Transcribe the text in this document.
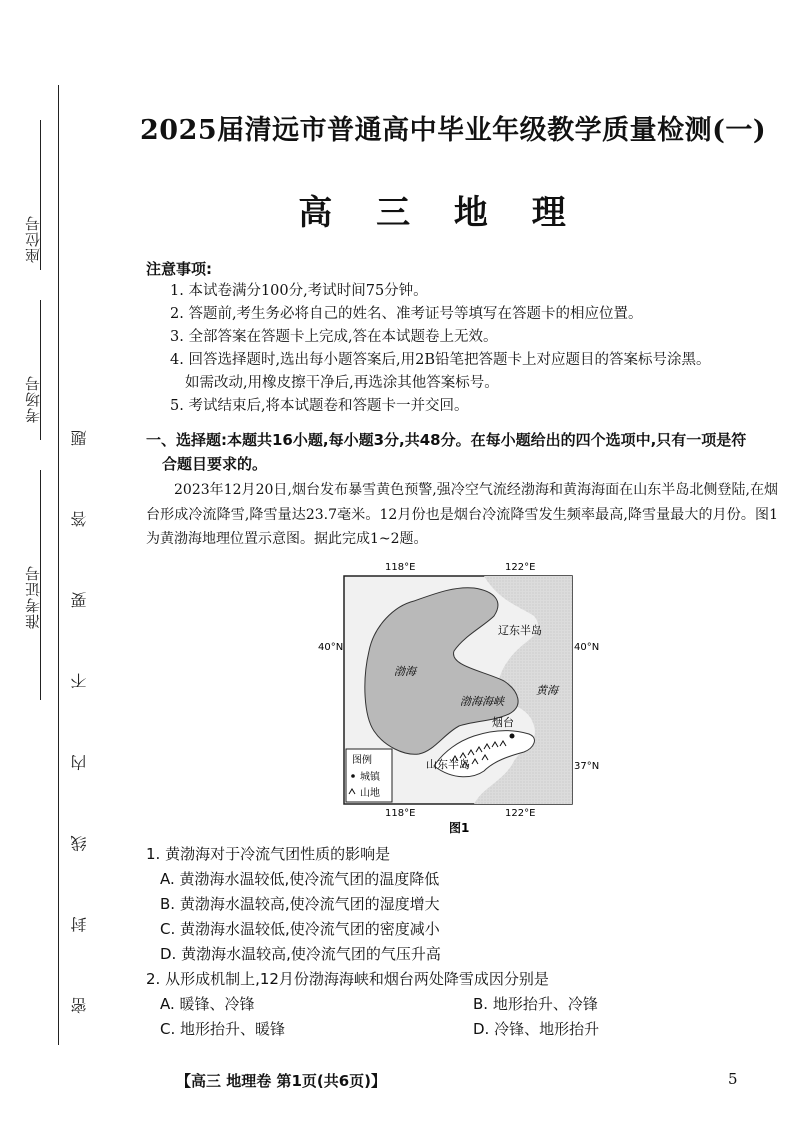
座位号
考场号
准考证号 密 封 线 内 不 要 答 题
2025届清远市普通高中毕业年级教学质量检测(一)
高 三 地 理
注意事项:
1. 本试卷满分100分,考试时间75分钟。
2. 答题前,考生务必将自己的姓名、准考证号等填写在答题卡的相应位置。
3. 全部答案在答题卡上完成,答在本试题卷上无效。
4. 回答选择题时,选出每小题答案后,用2B铅笔把答题卡上对应题目的答案标号涂黑。
如需改动,用橡皮擦干净后,再选涂其他答案标号。
5. 考试结束后,将本试题卷和答题卡一并交回。
一、选择题:本题共16小题,每小题3分,共48分。在每小题给出的四个选项中,只有一项是符
合题目要求的。
2023年12月20日,烟台发布暴雪黄色预警,强冷空气流经渤海和黄海海面在山东半岛北侧登陆,在烟台形成冷流降雪,降雪量达23.7毫米。12月份也是烟台冷流降雪发生频率最高,降雪量最大的月份。图1为黄渤海地理位置示意图。据此完成1~2题。
图例
城镇
山地
118°E	122°E
118°E	122°E
40°N	40°N
37°N
辽东半岛
渤海
渤海海峡
黄海
烟台
山东半岛
图1
1. 黄渤海对于冷流气团性质的影响是
A. 黄渤海水温较低,使冷流气团的温度降低
B. 黄渤海水温较高,使冷流气团的湿度增大
C. 黄渤海水温较低,使冷流气团的密度减小
D. 黄渤海水温较高,使冷流气团的气压升高
2. 从形成机制上,12月份渤海海峡和烟台两处降雪成因分别是
A. 暖锋、冷锋	B. 地形抬升、冷锋
C. 地形抬升、暖锋	D. 冷锋、地形抬升
【高三 地理卷 第1页(共6页)】	5
